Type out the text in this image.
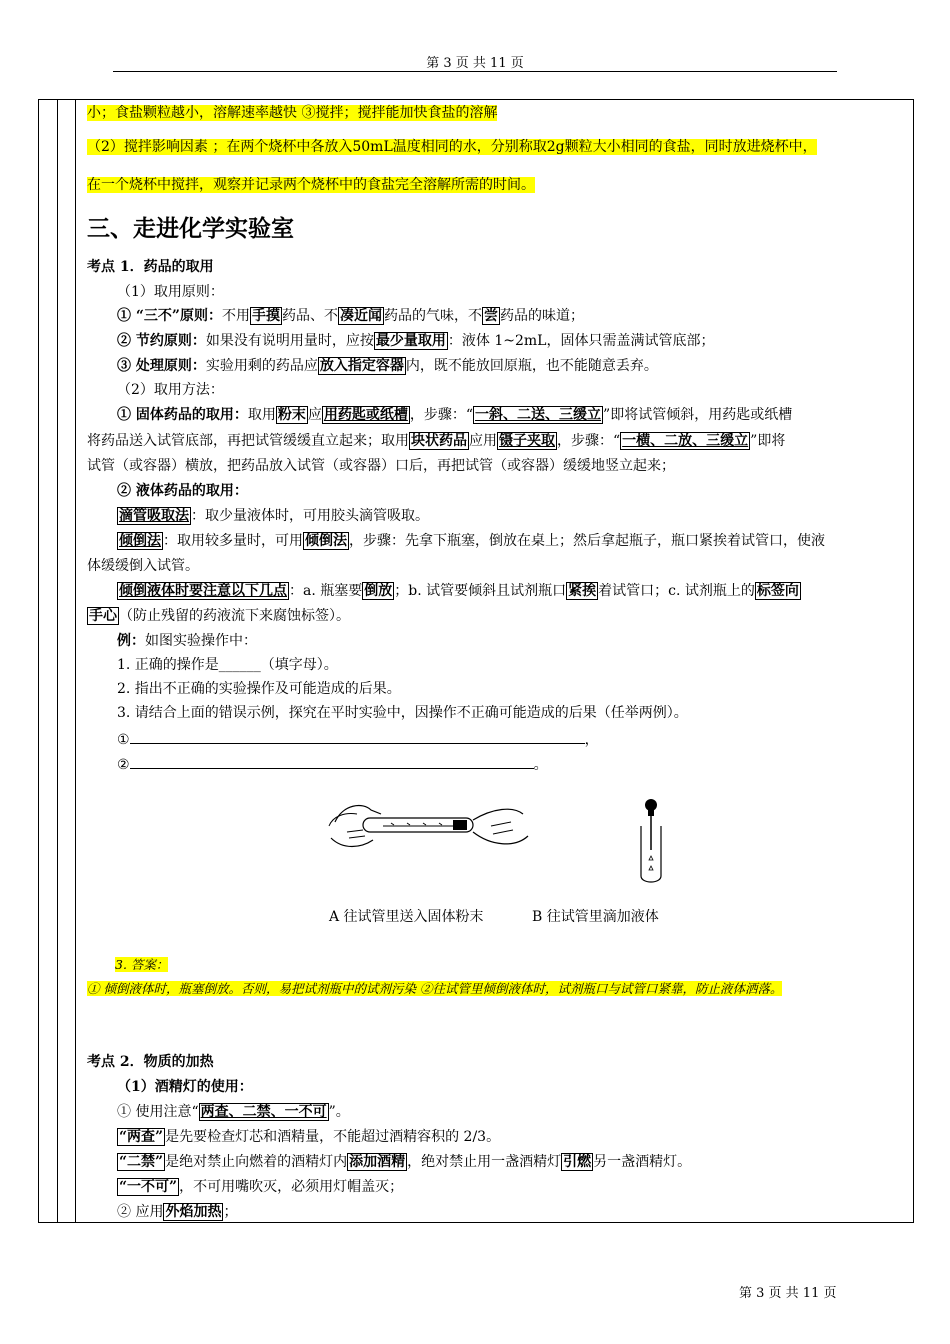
第 3 页 共 11 页
小；食盐颗粒越小，溶解速率越快 ③搅拌；搅拌能加快食盐的溶解
（2）搅拌影响因素 ；在两个烧杯中各放入50mL温度相同的水，分别称取2g颗粒大小相同的食盐，同时放进烧杯中，
在一个烧杯中搅拌，观察并记录两个烧杯中的食盐完全溶解所需的时间。
三、走进化学实验室
考点 1．药品的取用
（1）取用原则：
① “三不”原则：不用 手摸 药品、不 凑近闻 药品的气味，不 尝 药品的味道；
② 节约原则：如果没有说明用量时，应按 最少量取用 ：液体 1~2mL，固体只需盖满试管底部；
③ 处理原则：实验用剩的药品应 放入指定容器 内，既不能放回原瓶，也不能随意丢弃。
（2）取用方法：
① 固体药品的取用：取用 粉末 应 用药匙或纸槽 ，步骤：“ 一斜、二送、三缓立 ”即将试管倾斜，用药匙或纸槽
将药品送入试管底部，再把试管缓缓直立起来；取用 块状药品 应用 镊子夹取 ，步骤：“ 一横、二放、三缓立 ”即将
试管（或容器）横放，把药品放入试管（或容器）口后，再把试管（或容器）缓缓地竖立起来；
② 液体药品的取用：
滴管吸取法 ：取少量液体时，可用胶头滴管吸取。
倾倒法 ：取用较多量时，可用 倾倒法 ，步骤：先拿下瓶塞，倒放在桌上；然后拿起瓶子，瓶口紧挨着试管口，使液
体缓缓倒入试管。
倾倒液体时要注意以下几点 ：a. 瓶塞要 倒放 ；b. 试管要倾斜且试剂瓶口 紧挨 着试管口；c. 试剂瓶上的 标签向
手心 （防止残留的药液流下来腐蚀标签）。
例：如图实验操作中：
1. 正确的操作是______（填字母）。
2. 指出不正确的实验操作及可能造成的后果。
3. 请结合上面的错误示例，探究在平时实验中，因操作不正确可能造成的后果（任举两例）。
①	，
②	。
A 往试管里送入固体粉末	B 往试管里滴加液体
3. 答案：
① 倾倒液体时，瓶塞倒放。否则，易把试剂瓶中的试剂污染 ②往试管里倾倒液体时，试剂瓶口与试管口紧靠，防止液体洒落。
考点 2．物质的加热
（1）酒精灯的使用：
① 使用注意“ 两查、二禁、一不可 ”。
“两查” 是先要检查灯芯和酒精量，不能超过酒精容积的 2/3。
“二禁” 是绝对禁止向燃着的酒精灯内 添加酒精 ，绝对禁止用一盏酒精灯 引燃 另一盏酒精灯。
“一不可” ，不可用嘴吹灭，必须用灯帽盖灭；
② 应用 外焰加热 ；
第 3 页 共 11 页
